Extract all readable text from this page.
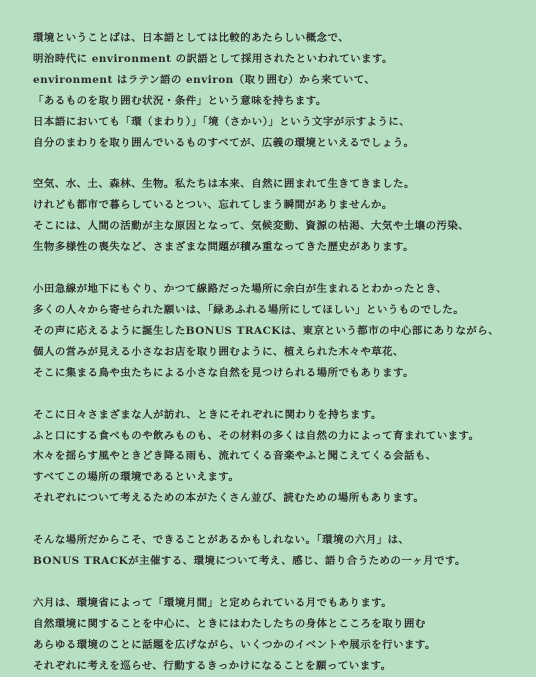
環境ということばは、日本語としては比較的あたらしい概念で、
明治時代に environment の訳語として採用されたといわれています。
environment はラテン語の environ（取り囲む）から来ていて、
「あるものを取り囲む状況・条件」という意味を持ちます。
日本語においても「環（まわり）」「境（さかい）」という文字が示すように、
自分のまわりを取り囲んでいるものすべてが、広義の環境といえるでしょう。
空気、水、土、森林、生物。私たちは本来、自然に囲まれて生きてきました。
けれども都市で暮らしているとつい、忘れてしまう瞬間がありませんか。
そこには、人間の活動が主な原因となって、気候変動、資源の枯渇、大気や土壌の汚染、
生物多様性の喪失など、さまざまな問題が積み重なってきた歴史があります。
小田急線が地下にもぐり、かつて線路だった場所に余白が生まれるとわかったとき、
多くの人々から寄せられた願いは、「緑あふれる場所にしてほしい」というものでした。
その声に応えるように誕生したBONUS TRACKは、東京という都市の中心部にありながら、
個人の営みが見える小さなお店を取り囲むように、植えられた木々や草花、
そこに集まる鳥や虫たちによる小さな自然を見つけられる場所でもあります。
そこに日々さまざまな人が訪れ、ときにそれぞれに関わりを持ちます。
ふと口にする食べものや飲みものも、その材料の多くは自然の力によって育まれています。
木々を揺らす風やときどき降る雨も、流れてくる音楽やふと聞こえてくる会話も、
すべてこの場所の環境であるといえます。
それぞれについて考えるための本がたくさん並び、読むための場所もあります。
そんな場所だからこそ、できることがあるかもしれない。「環境の六月」は、
BONUS TRACKが主催する、環境について考え、感じ、語り合うための一ヶ月です。
六月は、環境省によって「環境月間」と定められている月でもあります。
自然環境に関することを中心に、ときにはわたしたちの身体とこころを取り囲む
あらゆる環境のことに話題を広げながら、いくつかのイベントや展示を行います。
それぞれに考えを巡らせ、行動するきっかけになることを願っています。
